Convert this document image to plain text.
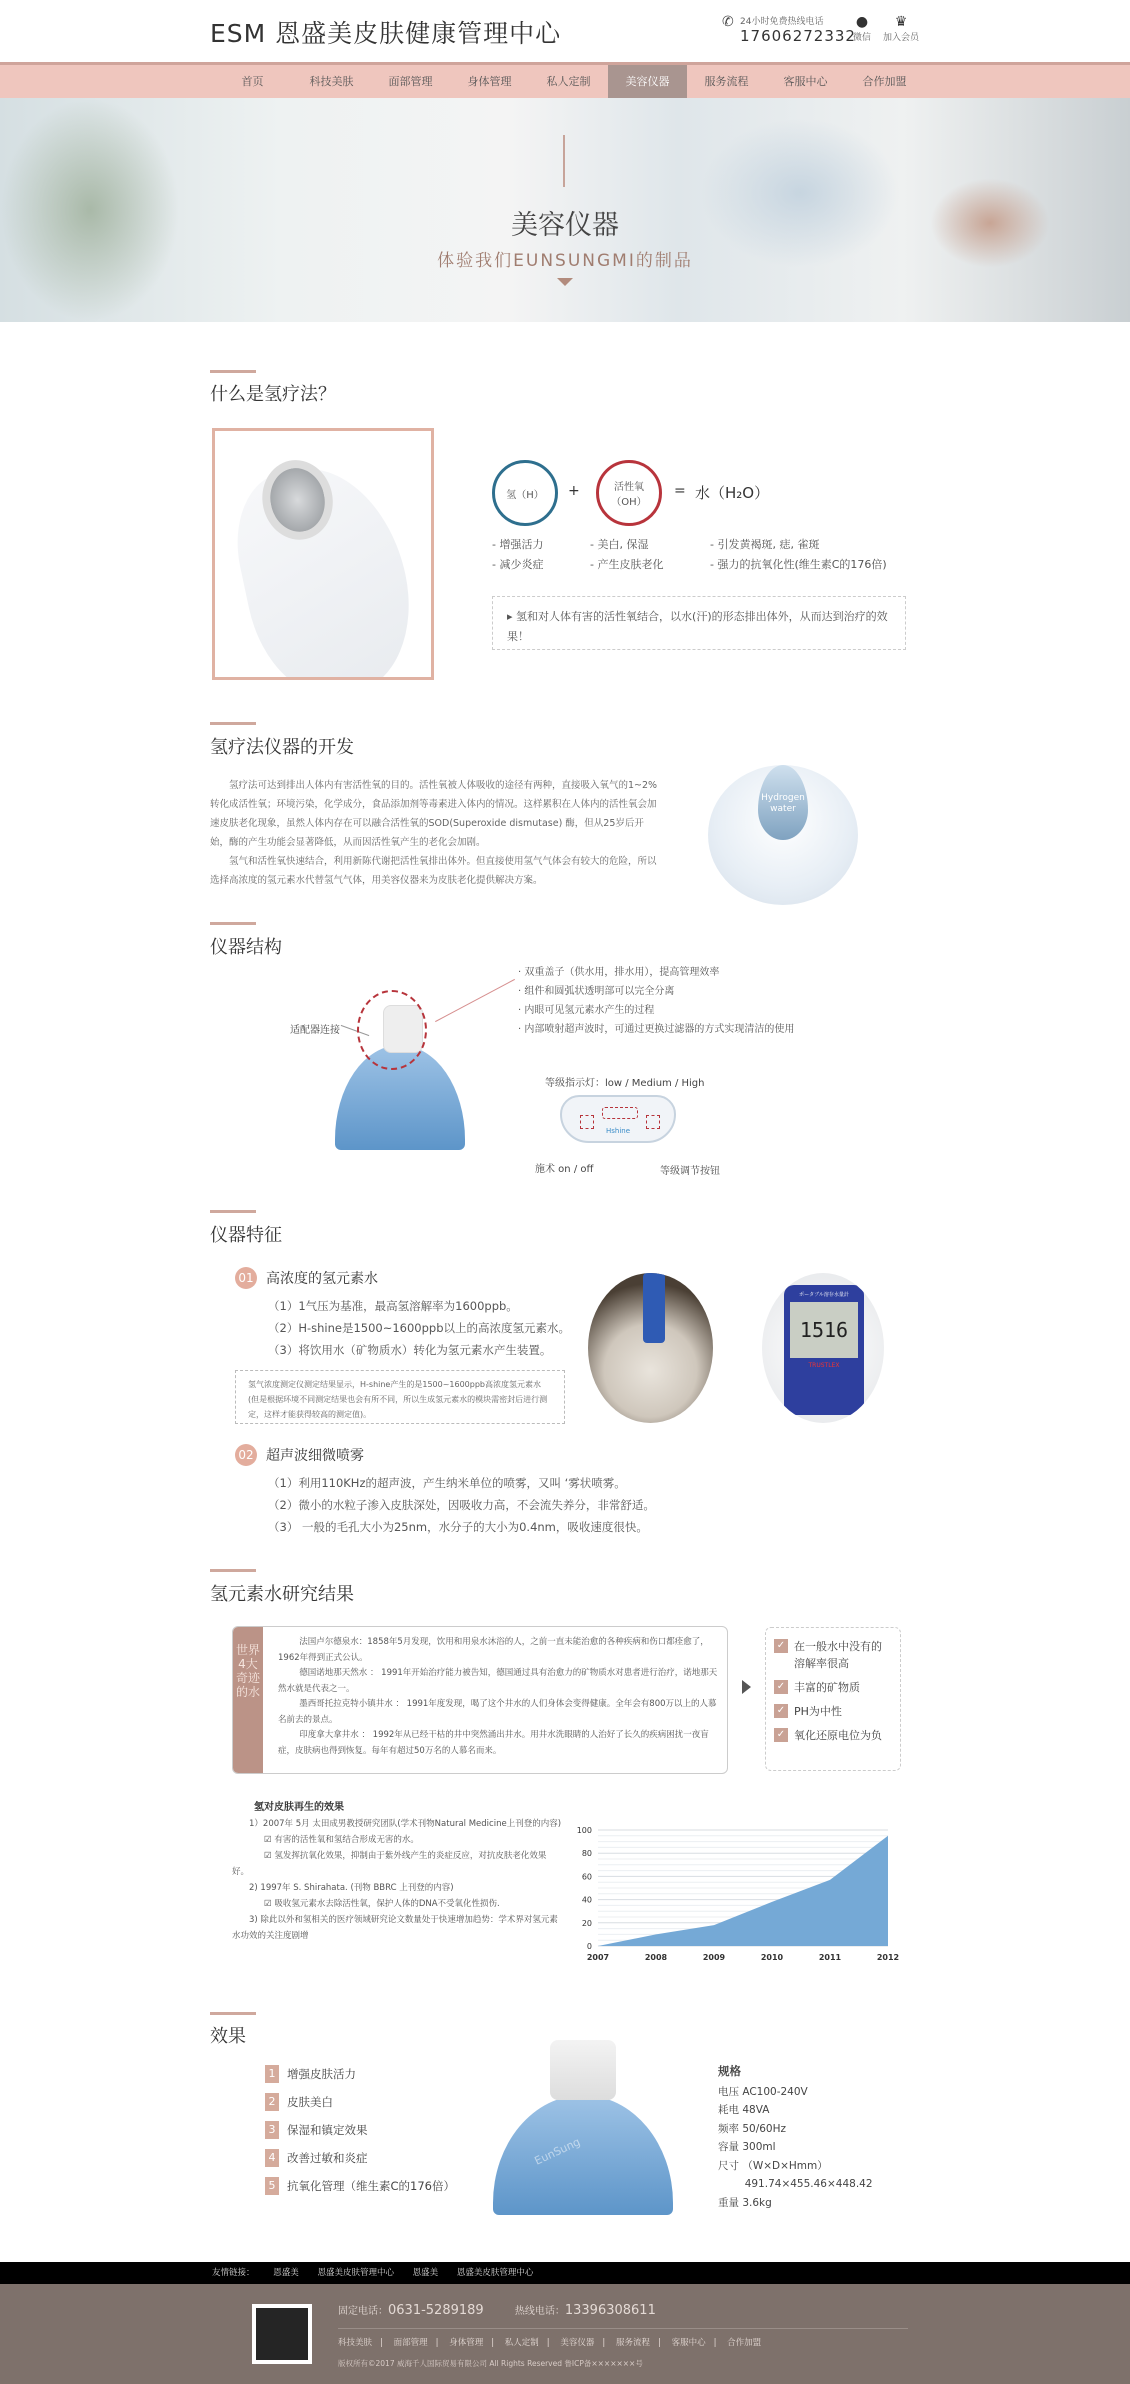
ESM 恩盛美皮肤健康管理中心	24小时免费热线电话
17606272332
✆	●
微信
♛
加入会员
首页	科技美肤	面部管理	身体管理	私人定制	美容仪器	服务流程	客服中心	合作加盟
美容仪器
体验我们EUNSUNGMI的制品
什么是氢疗法？
氢（H） +	活性氧
（OH）
= 水（H₂O）
- 增强活力
- 减少炎症
- 美白, 保湿
- 产生皮肤老化
- 引发黄褐斑, 痣, 雀斑
- 强力的抗氧化性(维生素C的176倍)
▸ 氢和对人体有害的活性氧结合，以水(汗)的形态排出体外，从而达到治疗的效果！
氢疗法仪器的开发

氢疗法可达到排出人体内有害活性氧的目的。活性氧被人体吸收的途径有两种，直接吸入氧气的1~2%转化成活性氧；环境污染，化学成分，食品添加剂等毒素进入体内的情况。这样累积在人体内的活性氧会加速皮肤老化现象，虽然人体内存在可以融合活性氧的SOD(Superoxide dismutase) 酶，但从25岁后开始，酶的产生功能会显著降低，从而因活性氧产生的老化会加剧。

氢气和活性氧快速结合，利用新陈代谢把活性氧排出体外。但直接使用氢气气体会有较大的危险，所以选择高浓度的氢元素水代替氢气气体，用美容仪器来为皮肤老化提供解决方案。

Hydrogen water
仪器结构
适配器连接
· 双重盖子（供水用，排水用），提高管理效率
· 组件和圆弧状透明部可以完全分离
· 内眼可见氢元素水产生的过程
· 内部喷射超声波时，可通过更换过滤器的方式实现清洁的使用
等级指示灯：low / Medium / High
Hshine
施术 on / off	等级调节按钮
仪器特征
01 高浓度的氢元素水
（1）1气压为基准，最高氢溶解率为1600ppb。
（2）H-shine是1500~1600ppb以上的高浓度氢元素水。
（3）将饮用水（矿物质水）转化为氢元素水产生装置。
氢气浓度测定仪测定结果显示，H-shine产生的是1500~1600ppb高浓度氢元素水(但是根据环境不同测定结果也会有所不同，所以生成氢元素水的模块需密封后进行测定，这样才能获得较高的测定值)。
02 超声波细微喷雾
（1）利用110KHz的超声波，产生纳米单位的喷雾，又叫 ‘雾状喷雾。
（2）微小的水粒子渗入皮肤深处，因吸收力高，不会流失养分，非常舒适。
（3） 一般的毛孔大小为25nm，水分子的大小为0.4nm，吸收速度很快。
ポータブル溶存水量計
1516
TRUSTLEX
氢元素水研究结果
世界4大奇迹的水

法国卢尔德泉水：1858年5月发现，饮用和用泉水沐浴的人，之前一直未能治愈的各种疾病和伤口都痊愈了，1962年得到正式公认。

德国诺地那天然水 ： 1991年开始治疗能力被告知，德国通过具有治愈力的矿物质水对患者进行治疗，诺地那天然水就是代表之一。

墨西哥托拉克特小镇井水 ： 1991年度发现，喝了这个井水的人们身体会变得健康。全年会有800万以上的人慕名前去的景点。

印度拿大拿井水 ： 1992年从已经干枯的井中突然涌出井水。用井水洗眼睛的人治好了长久的疾病困扰一夜盲症，皮肤病也得到恢复。每年有超过50万名的人慕名而来。

✓ 在一般水中没有的溶解率很高
✓ 丰富的矿物质
✓ PH为中性
✓ 氧化还原电位为负
氢对皮肤再生的效果
1）2007年 5月 太田成男教授研究团队(学术刊物Natural Medicine上刊登的内容)
☑ 有害的活性氧和氢结合形成无害的水。
☑ 氢发挥抗氧化效果，抑制由于紫外线产生的炎症反应，对抗皮肤老化效果好。
2) 1997年 S. Shirahata. (刊物 BBRC 上刊登的内容)
☑ 吸收氢元素水去除活性氧，保护人体的DNA不受氧化性损伤.
3) 除此以外和氢相关的医疗领域研究论文数量处于快速增加趋势：学术界对氢元素水功效的关注度剧增
0
20
40
60
80
100
2007	2008	2009	2010	2011	2012
效果
1	增强皮肤活力
2	皮肤美白
3	保湿和镇定效果
4	改善过敏和炎症
5	抗氧化管理（维生素C的176倍）
EunSung
规格
电压 AC100-240V
耗电 48VA
频率 50/60Hz
容量 300ml
尺寸 （W×D×Hmm）
491.74×455.46×448.42
重量 3.6kg
友情链接： 恩盛美 恩盛美皮肤管理中心 恩盛美 恩盛美皮肤管理中心
固定电话：0631-5289189	热线电话：13396308611
科技美肤 | 面部管理 | 身体管理 | 私人定制 | 美容仪器 | 服务流程 | 客服中心 | 合作加盟
版权所有©2017 威海千人国际贸易有限公司 All Rights Reserved 鲁ICP备×××××××号
